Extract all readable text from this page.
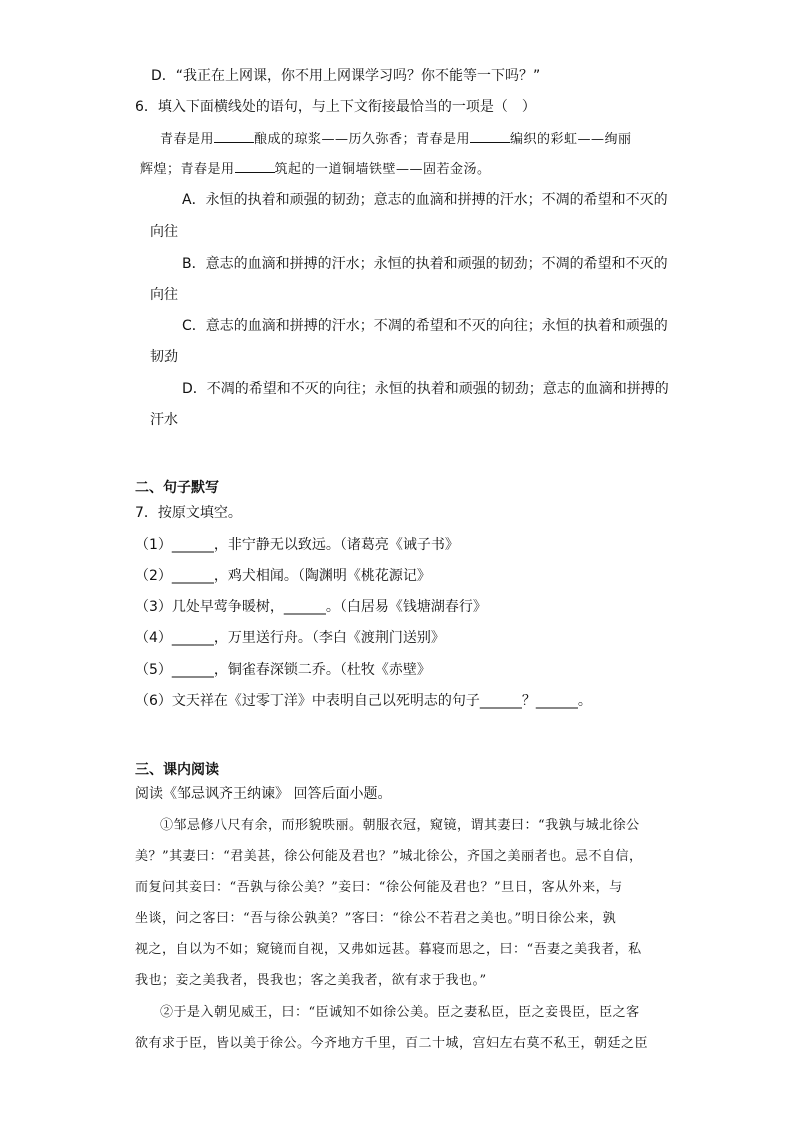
D．“我正在上网课，你不用上网课学习吗？你不能等一下吗？”
6．填入下面横线处的语句，与上下文衔接最恰当的一项是（　）
青春是用	酿成的琼浆——历久弥香；青春是用	编织的彩虹——绚丽
辉煌；青春是用	筑起的一道铜墙铁壁——固若金汤。
A．永恒的执着和顽强的韧劲；意志的血滴和拼搏的汗水；不凋的希望和不灭的
向往
B．意志的血滴和拼搏的汗水；永恒的执着和顽强的韧劲；不凋的希望和不灭的
向往
C．意志的血滴和拼搏的汗水；不凋的希望和不灭的向往；永恒的执着和顽强的
韧劲
D．不凋的希望和不灭的向往；永恒的执着和顽强的韧劲；意志的血滴和拼搏的
汗水
二、句子默写
7．按原文填空。
（1）______，非宁静无以致远。（诸葛亮《诫子书》
（2）______，鸡犬相闻。（陶渊明《桃花源记》
（3）几处早莺争暖树，______。（白居易《钱塘湖春行》
（4）______，万里送行舟。（李白《渡荆门送别》
（5）______，铜雀春深锁二乔。（杜牧《赤壁》
（6）文天祥在《过零丁洋》中表明自己以死明志的句子______？______。
三、课内阅读
阅读《邹忌讽齐王纳谏》 回答后面小题。
①邹忌修八尺有余，而形貌昳丽。朝服衣冠，窥镜，谓其妻曰：“我孰与城北徐公
美？”其妻曰：“君美甚，徐公何能及君也？”城北徐公，齐国之美丽者也。忌不自信，
而复问其妾曰：“吾孰与徐公美？”妾曰：“徐公何能及君也？”旦日，客从外来，与
坐谈，问之客曰：“吾与徐公孰美？”客曰：“徐公不若君之美也。”明日徐公来，孰
视之，自以为不如；窥镜而自视，又弗如远甚。暮寝而思之，曰：“吾妻之美我者，私
我也；妾之美我者，畏我也；客之美我者，欲有求于我也。”
②于是入朝见威王，曰：“臣诚知不如徐公美。臣之妻私臣，臣之妾畏臣，臣之客
欲有求于臣，皆以美于徐公。今齐地方千里，百二十城，宫妇左右莫不私王，朝廷之臣
